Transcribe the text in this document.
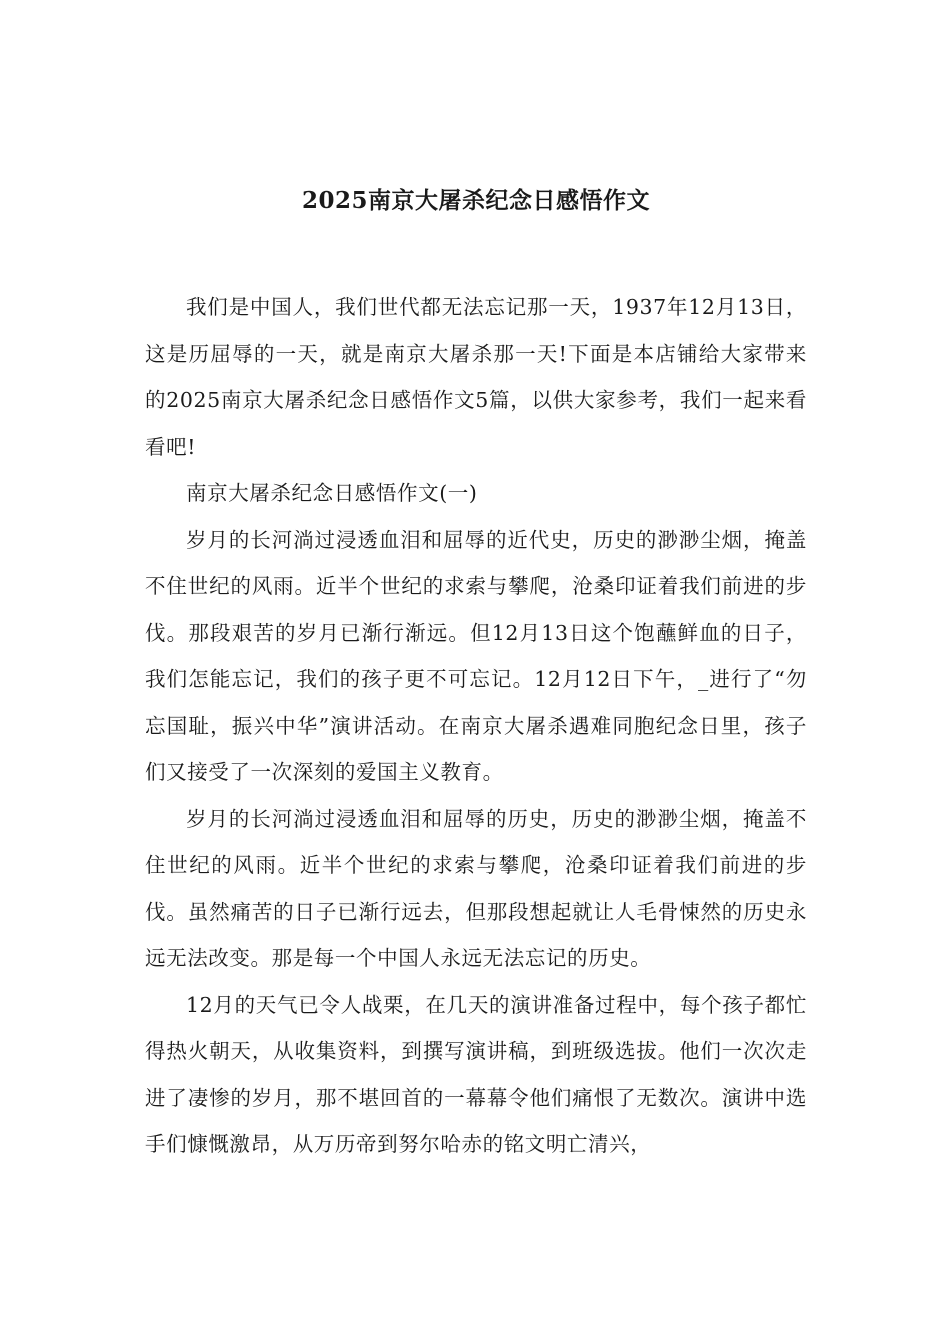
2025南京大屠杀纪念日感悟作文

我们是中国人，我们世代都无法忘记那一天，1937年12月13日，这是历屈辱的一天，就是南京大屠杀那一天!下面是本店铺给大家带来的2025南京大屠杀纪念日感悟作文5篇，以供大家参考，我们一起来看看吧!

南京大屠杀纪念日感悟作文(一)

岁月的长河淌过浸透血泪和屈辱的近代史，历史的渺渺尘烟，掩盖不住世纪的风雨。近半个世纪的求索与攀爬，沧桑印证着我们前进的步伐。那段艰苦的岁月已渐行渐远。但12月13日这个饱蘸鲜血的日子，我们怎能忘记，我们的孩子更不可忘记。12月12日下午，_进行了“勿忘国耻，振兴中华”演讲活动。在南京大屠杀遇难同胞纪念日里，孩子们又接受了一次深刻的爱国主义教育。

岁月的长河淌过浸透血泪和屈辱的历史，历史的渺渺尘烟，掩盖不住世纪的风雨。近半个世纪的求索与攀爬，沧桑印证着我们前进的步伐。虽然痛苦的日子已渐行远去，但那段想起就让人毛骨悚然的历史永远无法改变。那是每一个中国人永远无法忘记的历史。

12月的天气已令人战栗，在几天的演讲准备过程中，每个孩子都忙得热火朝天，从收集资料，到撰写演讲稿，到班级选拔。他们一次次走进了凄惨的岁月，那不堪回首的一幕幕令他们痛恨了无数次。演讲中选手们慷慨激昂，从万历帝到努尔哈赤的铭文明亡清兴，
